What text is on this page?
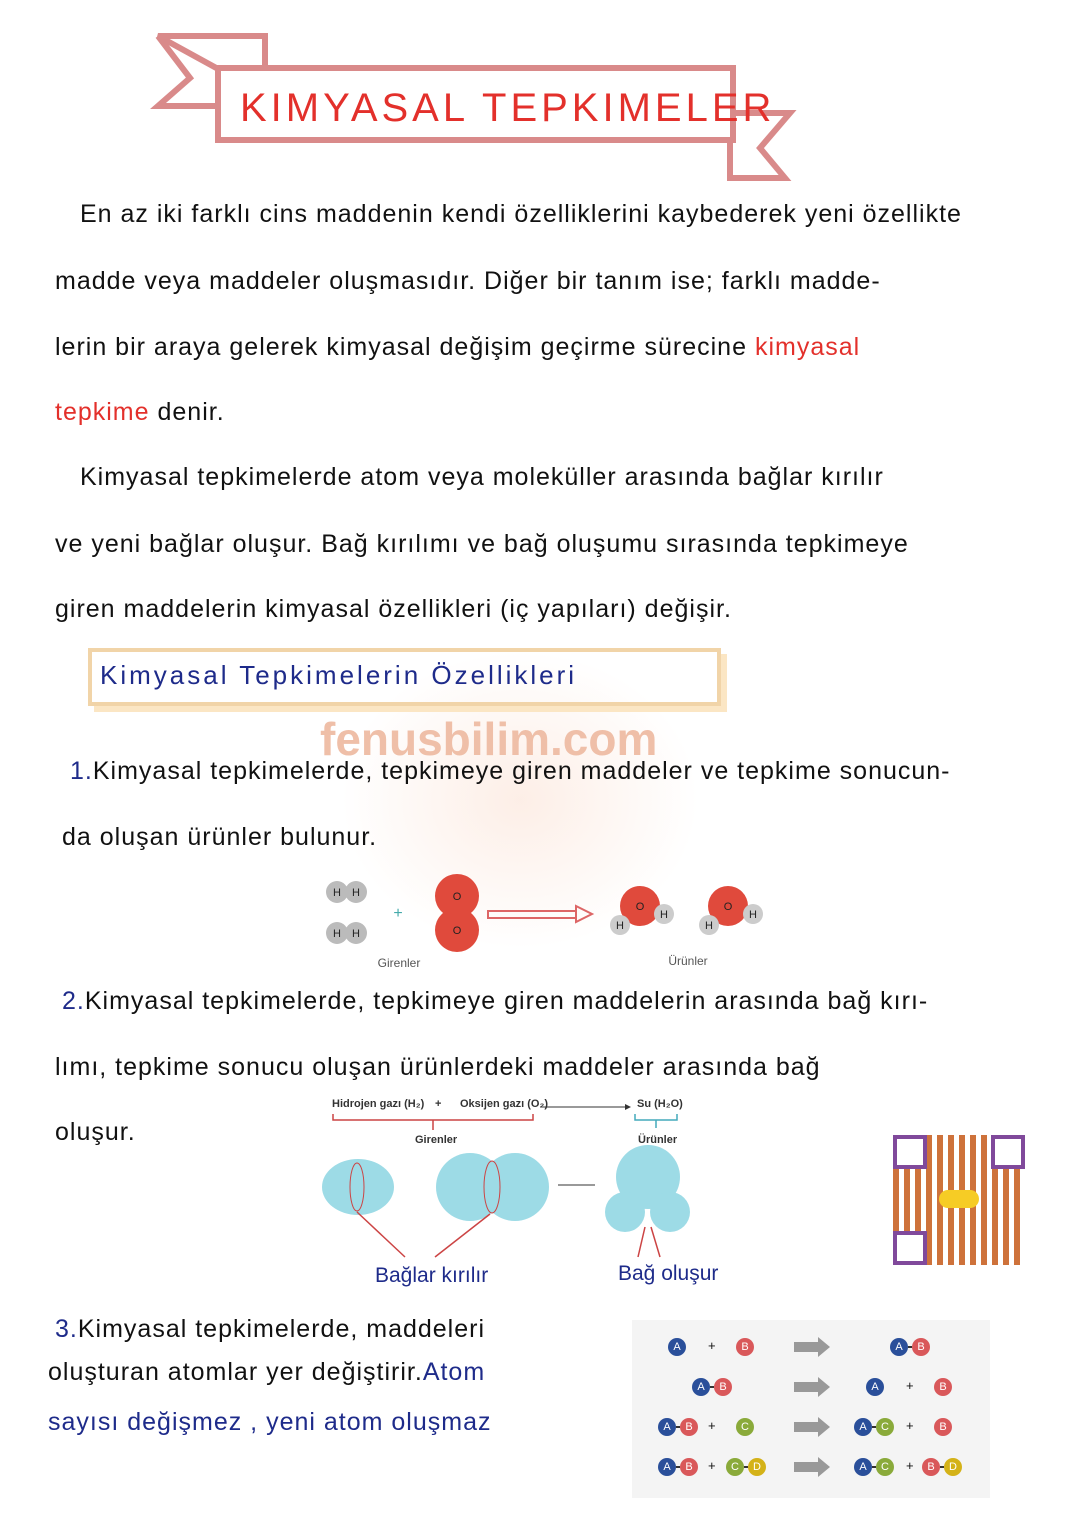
KIMYASAL TEPKIMELER
fenusbilim.com
En az iki farklı cins maddenin kendi özelliklerini kaybederek yeni özellikte
madde veya maddeler oluşmasıdır. Diğer bir tanım ise; farklı madde-
lerin bir araya gelerek kimyasal değişim geçirme sürecine kimyasal
tepkime denir.
Kimyasal tepkimelerde atom veya moleküller arasında bağlar kırılır
ve yeni bağlar oluşur. Bağ kırılımı ve bağ oluşumu sırasında tepkimeye
giren maddelerin kimyasal özellikleri (iç yapıları) değişir.
Kimyasal Tepkimelerin Özellikleri
1.Kimyasal tepkimelerde, tepkimeye giren maddeler ve tepkime sonucun-
da oluşan ürünler bulunur.
H H
H H
+
O
O
O
H
H
O
H
H
Girenler	Ürünler
2.Kimyasal tepkimelerde, tepkimeye giren maddelerin arasında bağ kırı-
lımı, tepkime sonucu oluşan ürünlerdeki maddeler arasında bağ
oluşur.
Hidrojen gazı (H₂) + Oksijen gazı (O₂)	Su (H₂O)
Girenler	Ürünler
Bağlar kırılır	Bağ oluşur
3.Kimyasal tepkimelerde, maddeleri
oluşturan atomlar yer değiştirir.Atom
sayısı değişmez , yeni atom oluşmaz
A	+	B	A B
A B	A	+	B
A B	+	C	A C	+	B
A B	+	C D	A C	+	B D
